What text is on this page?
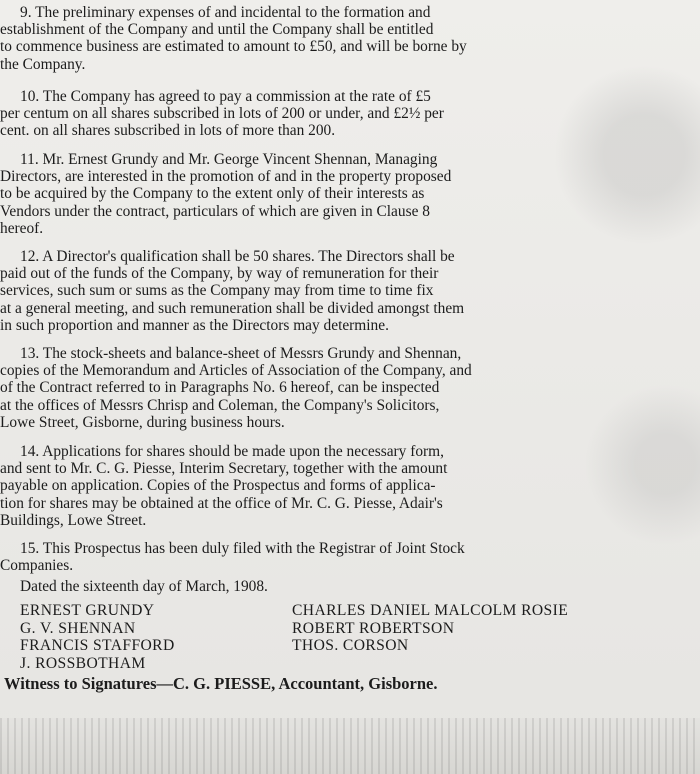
9. The preliminary expenses of and incidental to the formation and
establishment of the Company and until the Company shall be entitled
to commence business are estimated to amount to £50, and will be borne by
the Company.
10. The Company has agreed to pay a commission at the rate of £5
per centum on all shares subscribed in lots of 200 or under, and £2½ per
cent. on all shares subscribed in lots of more than 200.
11. Mr. Ernest Grundy and Mr. George Vincent Shennan, Managing
Directors, are interested in the promotion of and in the property proposed
to be acquired by the Company to the extent only of their interests as
Vendors under the contract, particulars of which are given in Clause 8
hereof.
12. A Director's qualification shall be 50 shares. The Directors shall be
paid out of the funds of the Company, by way of remuneration for their
services, such sum or sums as the Company may from time to time fix
at a general meeting, and such remuneration shall be divided amongst them
in such proportion and manner as the Directors may determine.
13. The stock-sheets and balance-sheet of Messrs Grundy and Shennan,
copies of the Memorandum and Articles of Association of the Company, and
of the Contract referred to in Paragraphs No. 6 hereof, can be inspected
at the offices of Messrs Chrisp and Coleman, the Company's Solicitors,
Lowe Street, Gisborne, during business hours.
14. Applications for shares should be made upon the necessary form,
and sent to Mr. C. G. Piesse, Interim Secretary, together with the amount
payable on application. Copies of the Prospectus and forms of applica-
tion for shares may be obtained at the office of Mr. C. G. Piesse, Adair's
Buildings, Lowe Street.
15. This Prospectus has been duly filed with the Registrar of Joint Stock
Companies.
Dated the sixteenth day of March, 1908.
ERNEST GRUNDY
G. V. SHENNAN
FRANCIS STAFFORD
J. ROSSBOTHAM
CHARLES DANIEL MALCOLM ROSIE
ROBERT ROBERTSON
THOS. CORSON
Witness to Signatures—C. G. PIESSE, Accountant, Gisborne.
